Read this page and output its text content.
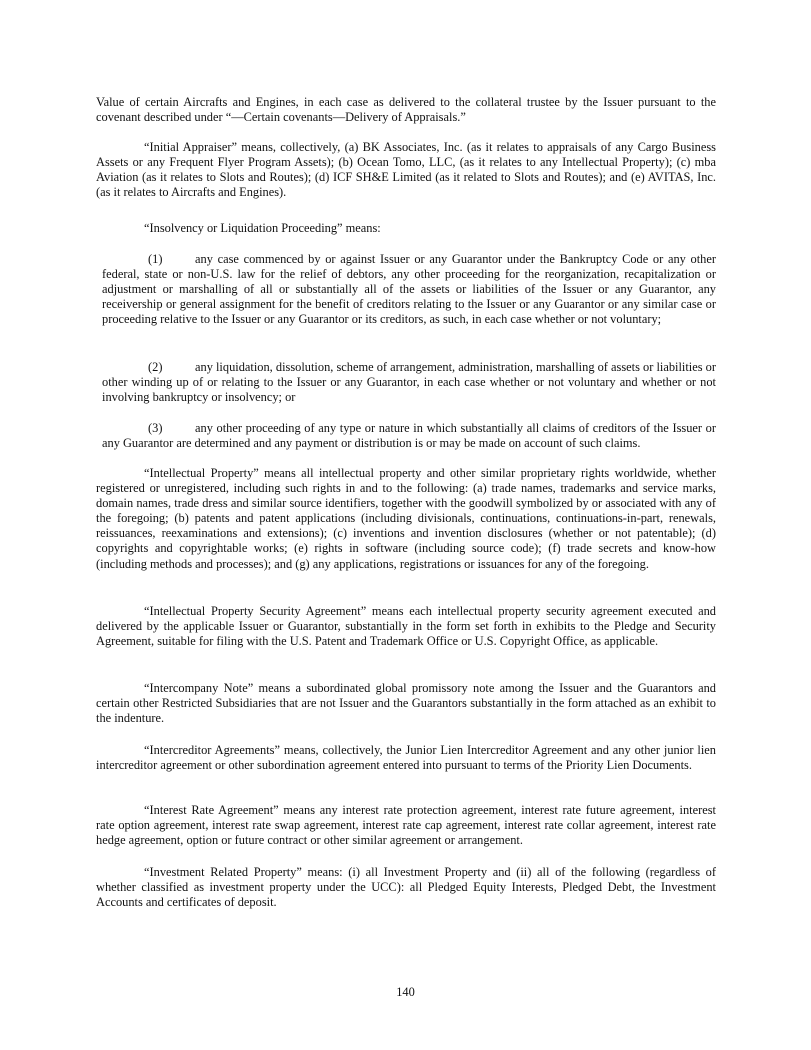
Value of certain Aircrafts and Engines, in each case as delivered to the collateral trustee by the Issuer pursuant to the covenant described under “—Certain covenants—Delivery of Appraisals.”

“Initial Appraiser” means, collectively, (a) BK Associates, Inc. (as it relates to appraisals of any Cargo Business Assets or any Frequent Flyer Program Assets); (b) Ocean Tomo, LLC, (as it relates to any Intellectual Property); (c) mba Aviation (as it relates to Slots and Routes); (d) ICF SH&E Limited (as it related to Slots and Routes); and (e) AVITAS, Inc. (as it relates to Aircrafts and Engines).

“Insolvency or Liquidation Proceeding” means:

(1)	any case commenced by or against Issuer or any Guarantor under the Bankruptcy Code or any other federal, state or non-U.S. law for the relief of debtors, any other proceeding for the reorganization, recapitalization or adjustment or marshalling of all or substantially all of the assets or liabilities of the Issuer or any Guarantor, any receivership or general assignment for the benefit of creditors relating to the Issuer or any Guarantor or any similar case or proceeding relative to the Issuer or any Guarantor or its creditors, as such, in each case whether or not voluntary;
(2)	any liquidation, dissolution, scheme of arrangement, administration, marshalling of assets or liabilities or other winding up of or relating to the Issuer or any Guarantor, in each case whether or not voluntary and whether or not involving bankruptcy or insolvency; or
(3)	any other proceeding of any type or nature in which substantially all claims of creditors of the Issuer or any Guarantor are determined and any payment or distribution is or may be made on account of such claims.

“Intellectual Property” means all intellectual property and other similar proprietary rights worldwide, whether registered or unregistered, including such rights in and to the following: (a) trade names, trademarks and service marks, domain names, trade dress and similar source identifiers, together with the goodwill symbolized by or associated with any of the foregoing; (b) patents and patent applications (including divisionals, continuations, continuations-in-part, renewals, reissuances, reexaminations and extensions); (c) inventions and invention disclosures (whether or not patentable); (d) copyrights and copyrightable works; (e) rights in software (including source code); (f) trade secrets and know-how (including methods and processes); and (g) any applications, registrations or issuances for any of the foregoing.

“Intellectual Property Security Agreement” means each intellectual property security agreement executed and delivered by the applicable Issuer or Guarantor, substantially in the form set forth in exhibits to the Pledge and Security Agreement, suitable for filing with the U.S. Patent and Trademark Office or U.S. Copyright Office, as applicable.

“Intercompany Note” means a subordinated global promissory note among the Issuer and the Guarantors and certain other Restricted Subsidiaries that are not Issuer and the Guarantors substantially in the form attached as an exhibit to the indenture.

“Intercreditor Agreements” means, collectively, the Junior Lien Intercreditor Agreement and any other junior lien intercreditor agreement or other subordination agreement entered into pursuant to terms of the Priority Lien Documents.

“Interest Rate Agreement” means any interest rate protection agreement, interest rate future agreement, interest rate option agreement, interest rate swap agreement, interest rate cap agreement, interest rate collar agreement, interest rate hedge agreement, option or future contract or other similar agreement or arrangement.

“Investment Related Property” means: (i) all Investment Property and (ii) all of the following (regardless of whether classified as investment property under the UCC): all Pledged Equity Interests, Pledged Debt, the Investment Accounts and certificates of deposit.

140
